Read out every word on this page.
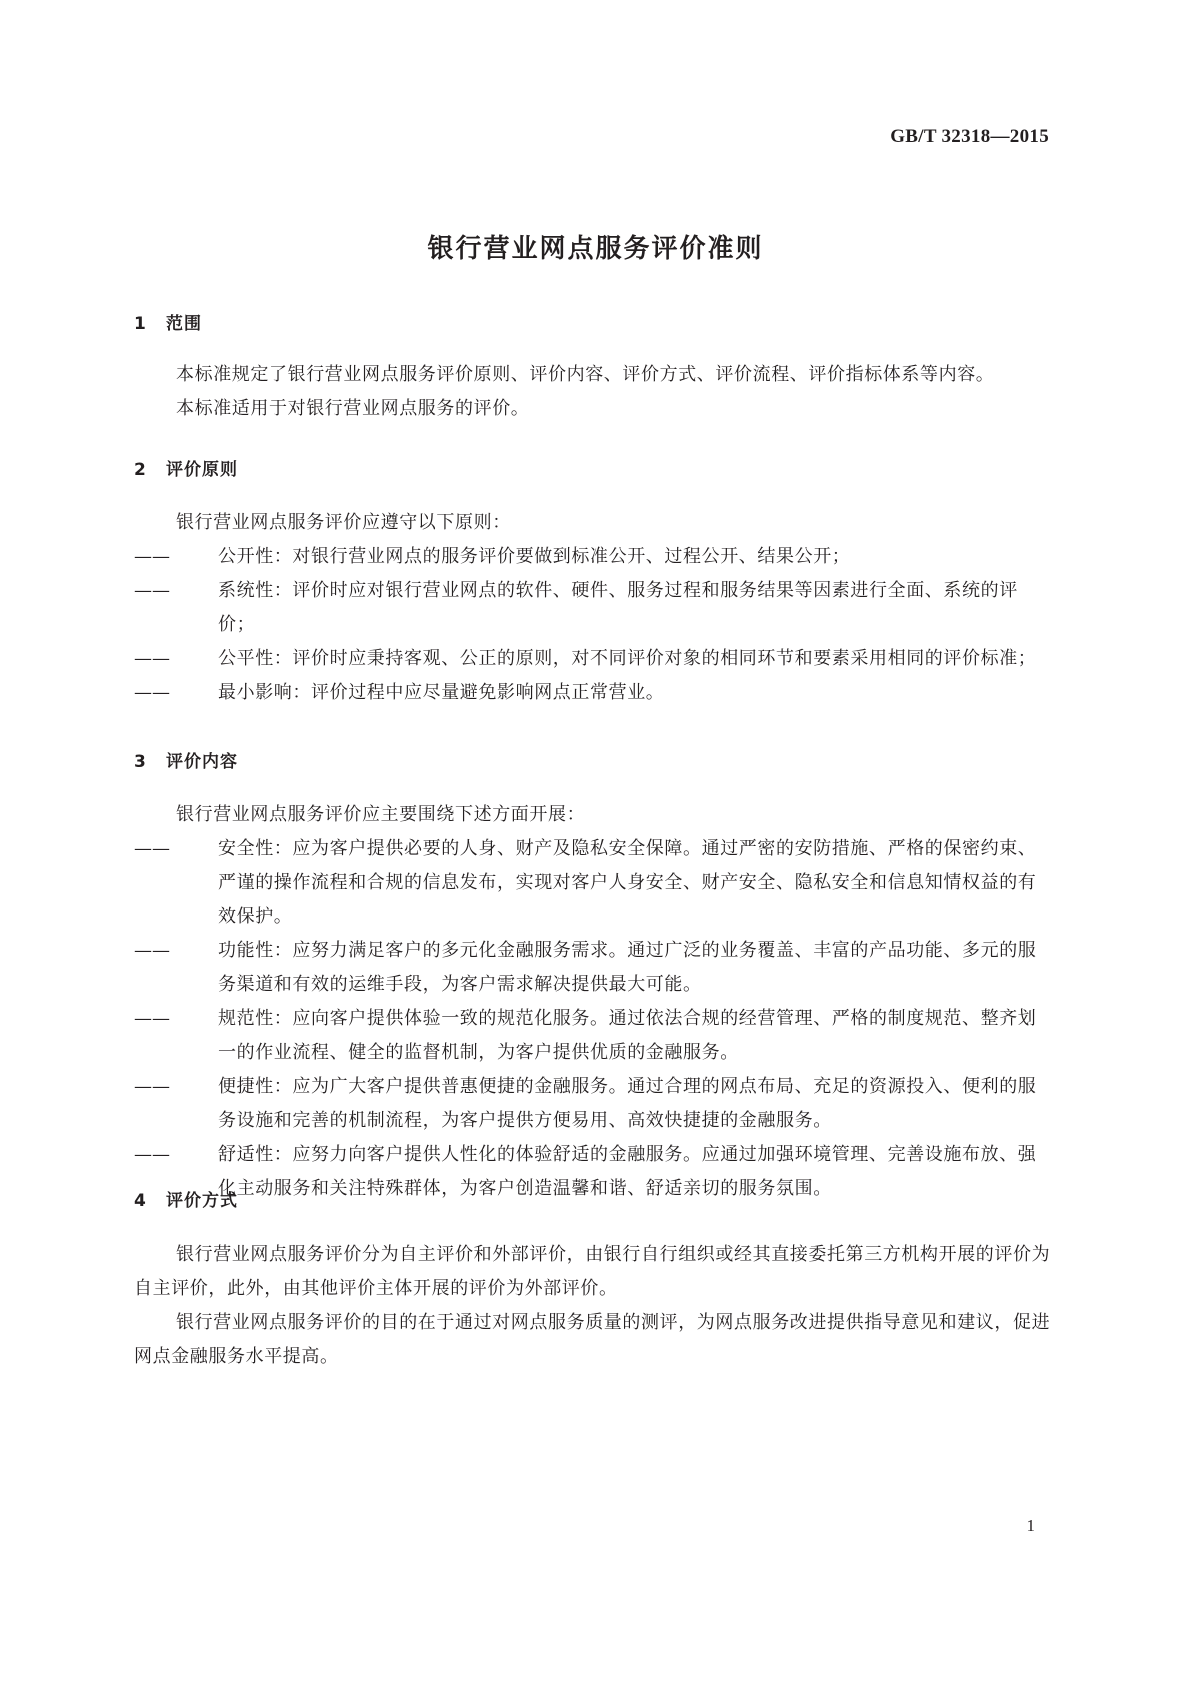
GB/T 32318—2015
银行营业网点服务评价准则
1 范围

本标准规定了银行营业网点服务评价原则、评价内容、评价方式、评价流程、评价指标体系等内容。

本标准适用于对银行营业网点服务的评价。

2 评价原则

银行营业网点服务评价应遵守以下原则：

——	公开性：对银行营业网点的服务评价要做到标准公开、过程公开、结果公开；

——	系统性：评价时应对银行营业网点的软件、硬件、服务过程和服务结果等因素进行全面、系统的评价；

——	公平性：评价时应秉持客观、公正的原则，对不同评价对象的相同环节和要素采用相同的评价标准；

——	最小影响：评价过程中应尽量避免影响网点正常营业。

3 评价内容

银行营业网点服务评价应主要围绕下述方面开展：

——	安全性：应为客户提供必要的人身、财产及隐私安全保障。通过严密的安防措施、严格的保密约束、严谨的操作流程和合规的信息发布，实现对客户人身安全、财产安全、隐私安全和信息知情权益的有效保护。

——	功能性：应努力满足客户的多元化金融服务需求。通过广泛的业务覆盖、丰富的产品功能、多元的服务渠道和有效的运维手段，为客户需求解决提供最大可能。

——	规范性：应向客户提供体验一致的规范化服务。通过依法合规的经营管理、严格的制度规范、整齐划一的作业流程、健全的监督机制，为客户提供优质的金融服务。

——	便捷性：应为广大客户提供普惠便捷的金融服务。通过合理的网点布局、充足的资源投入、便利的服务设施和完善的机制流程，为客户提供方便易用、高效快捷捷的金融服务。

——	舒适性：应努力向客户提供人性化的体验舒适的金融服务。应通过加强环境管理、完善设施布放、强化主动服务和关注特殊群体，为客户创造温馨和谐、舒适亲切的服务氛围。

4 评价方式

银行营业网点服务评价分为自主评价和外部评价，由银行自行组织或经其直接委托第三方机构开展的评价为自主评价，此外，由其他评价主体开展的评价为外部评价。

银行营业网点服务评价的目的在于通过对网点服务质量的测评，为网点服务改进提供指导意见和建议，促进网点金融服务水平提高。

1
